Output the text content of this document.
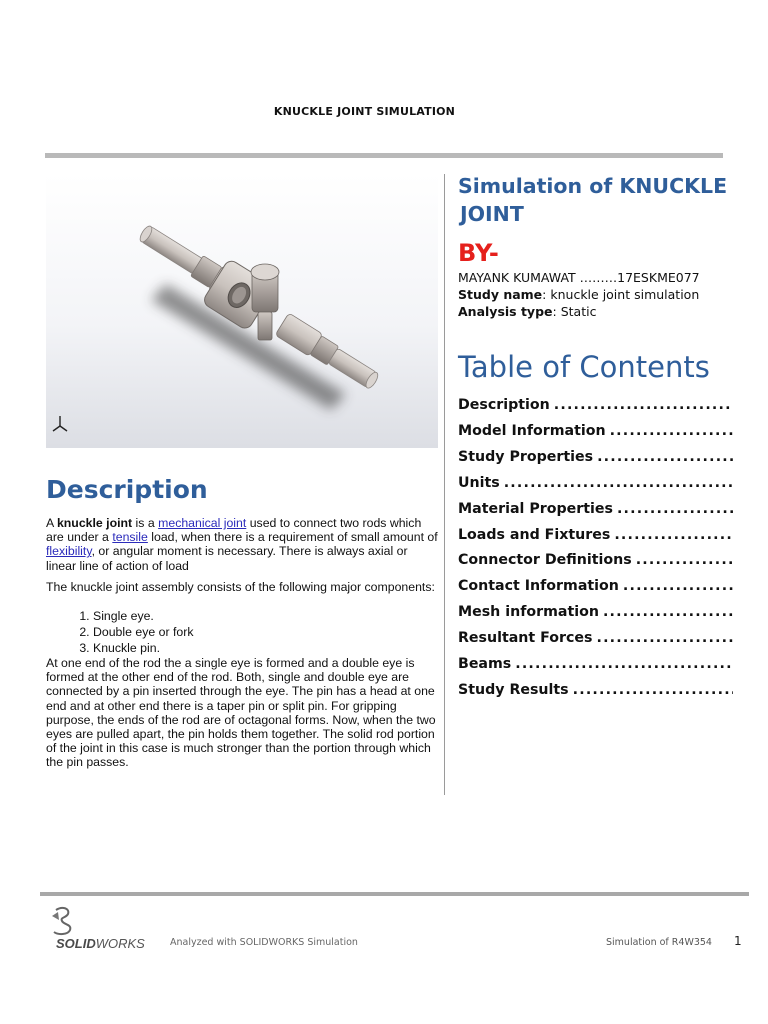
KNUCKLE JOINT SIMULATION
Description

A knuckle joint is a mechanical joint used to connect two rods which are under a tensile load, when there is a requirement of small amount of flexibility, or angular moment is necessary. There is always axial or linear line of action of load

The knuckle joint assembly consists of the following major components:

1. Single eye.
2. Double eye or fork
3. Knuckle pin.

At one end of the rod the a single eye is formed and a double eye is formed at the other end of the rod. Both, single and double eye are connected by a pin inserted through the eye. The pin has a head at one end and at other end there is a taper pin or split pin. For gripping purpose, the ends of the rod are of octagonal forms. Now, when the two eyes are pulled apart, the pin holds them together. The solid rod portion of the joint in this case is much stronger than the portion through which the pin passes.

Simulation of KNUCKLE
JOINT
BY-
MAYANK KUMAWAT ………17ESKME077
Study name: knuckle joint simulation
Analysis type: Static
Table of Contents
Description
.....
Model Information
.....
Study Properties
.....
Units
.....
Material Properties
.....
Loads and Fixtures
.....
Connector Definitions
.....
Contact Information
.....
Mesh information
.....
Resultant Forces
.....
Beams
.....
Study Results
.....
SOLIDWORKS	Analyzed with SOLIDWORKS Simulation	Simulation of R4W354 1
